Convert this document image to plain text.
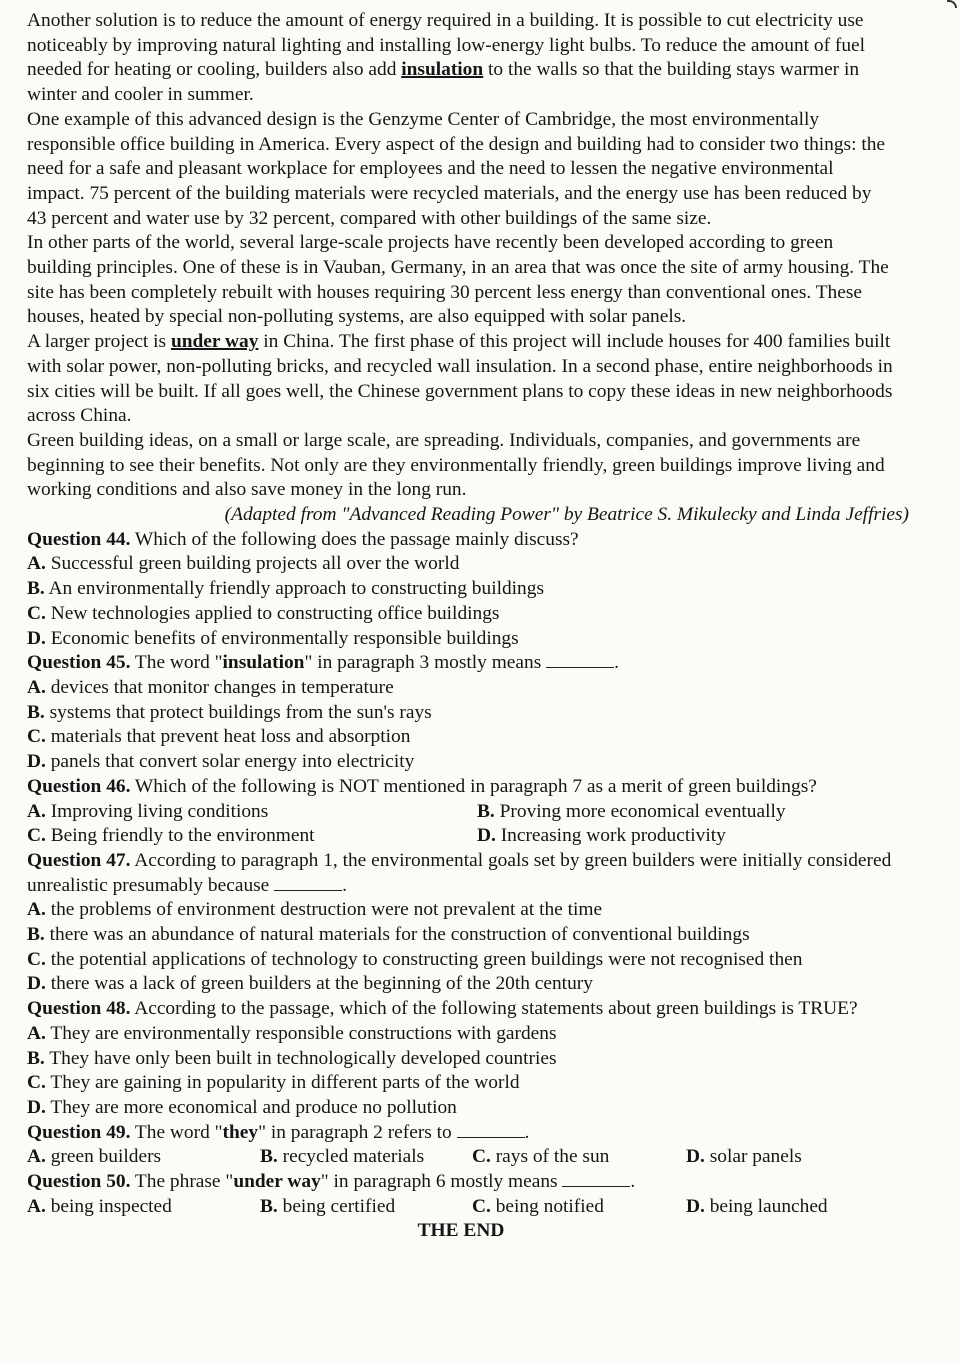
Another solution is to reduce the amount of energy required in a building. It is possible to cut electricity use noticeably by improving natural lighting and installing low-energy light bulbs. To reduce the amount of fuel needed for heating or cooling, builders also add insulation to the walls so that the building stays warmer in winter and cooler in summer.

One example of this advanced design is the Genzyme Center of Cambridge, the most environmentally responsible office building in America. Every aspect of the design and building had to consider two things: the need for a safe and pleasant workplace for employees and the need to lessen the negative environmental impact. 75 percent of the building materials were recycled materials, and the energy use has been reduced by 43 percent and water use by 32 percent, compared with other buildings of the same size.

In other parts of the world, several large-scale projects have recently been developed according to green building principles. One of these is in Vauban, Germany, in an area that was once the site of army housing. The site has been completely rebuilt with houses requiring 30 percent less energy than conventional ones. These houses, heated by special non-polluting systems, are also equipped with solar panels.

A larger project is under way in China. The first phase of this project will include houses for 400 families built with solar power, non-polluting bricks, and recycled wall insulation. In a second phase, entire neighborhoods in six cities will be built. If all goes well, the Chinese government plans to copy these ideas in new neighborhoods across China.

Green building ideas, on a small or large scale, are spreading. Individuals, companies, and governments are beginning to see their benefits. Not only are they environmentally friendly, green buildings improve living and working conditions and also save money in the long run.

(Adapted from "Advanced Reading Power" by Beatrice S. Mikulecky and Linda Jeffries)

Question 44. Which of the following does the passage mainly discuss?

A. Successful green building projects all over the world

B. An environmentally friendly approach to constructing buildings

C. New technologies applied to constructing office buildings

D. Economic benefits of environmentally responsible buildings

Question 45. The word "insulation" in paragraph 3 mostly means	.

A. devices that monitor changes in temperature

B. systems that protect buildings from the sun's rays

C. materials that prevent heat loss and absorption

D. panels that convert solar energy into electricity

Question 46. Which of the following is NOT mentioned in paragraph 7 as a merit of green buildings?

A. Improving living conditions	B. Proving more economical eventually
C. Being friendly to the environment	D. Increasing work productivity

Question 47. According to paragraph 1, the environmental goals set by green builders were initially considered unrealistic presumably because	.

A. the problems of environment destruction were not prevalent at the time

B. there was an abundance of natural materials for the construction of conventional buildings

C. the potential applications of technology to constructing green buildings were not recognised then

D. there was a lack of green builders at the beginning of the 20th century

Question 48. According to the passage, which of the following statements about green buildings is TRUE?

A. They are environmentally responsible constructions with gardens

B. They have only been built in technologically developed countries

C. They are gaining in popularity in different parts of the world

D. They are more economical and produce no pollution

Question 49. The word "they" in paragraph 2 refers to	.

A. green builders	B. recycled materials	C. rays of the sun	D. solar panels

Question 50. The phrase "under way" in paragraph 6 mostly means	.

A. being inspected	B. being certified	C. being notified	D. being launched

THE END
